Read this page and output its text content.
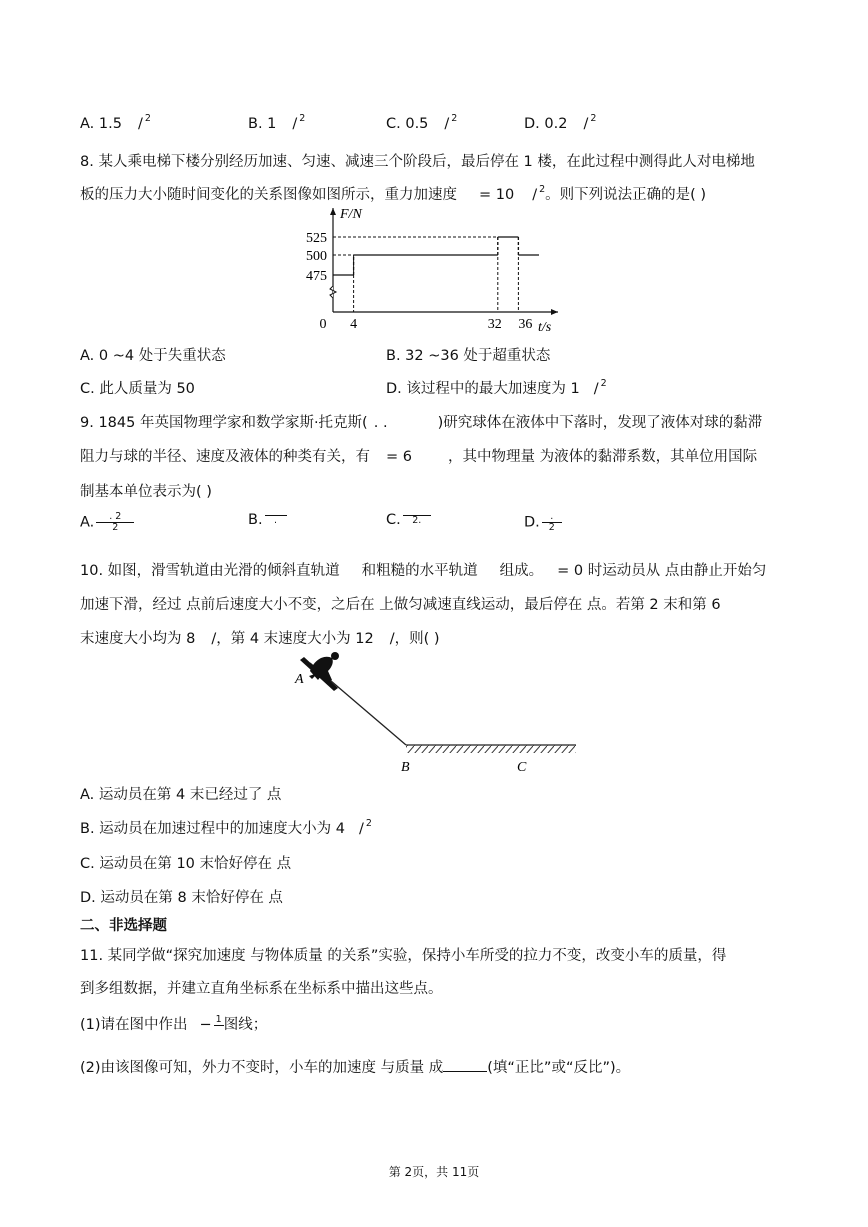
A. 1.5 / $^2$	B. 1 / $^2$	C. 0.5 / $^2$	D. 0.2 / $^2$
8. 某人乘电梯下楼分别经历加速、匀速、减速三个阶段后，最后停在 1 楼，在此过程中测得此人对电梯地
板的压力大小随时间变化的关系图像如图所示，重力加速度 = 10 / $^2$。则下列说法正确的是( )
525
500
475
0 4	32 36
F/N
t/s
A. 0 ~4 处于失重状态	B. 32 ~36 处于超重状态
C. 此人质量为 50	D. 该过程中的最大加速度为 1 / $^2$
9. 1845 年英国物理学家和数学家斯·托克斯( . .	)研究球体在液体中下落时，发现了液体对球的黏滞
阻力与球的半径、速度及液体的种类有关，有 = 6 ，其中物理量 为液体的黏滞系数，其单位用国际
制基本单位表示为( )
A. $\frac{. 2}{2}$	B.	.	C.	2.	D. $\frac{.}{2}$
10. 如图，滑雪轨道由光滑的倾斜直轨道 和粗糙的水平轨道 组成。 = 0 时运动员从 点由静止开始匀
加速下滑，经过 点前后速度大小不变，之后在 上做匀减速直线运动，最后停在 点。若第 2 末和第 6
末速度大小均为 8 /，第 4 末速度大小为 12 /，则( )
A
B	C
A. 运动员在第 4 末已经过了 点
B. 运动员在加速过程中的加速度大小为 4 / $^2$
C. 运动员在第 10 末恰好停在 点
D. 运动员在第 8 末恰好停在 点
二、非选择题
11. 某同学做“探究加速度 与物体质量 的关系”实验，保持小车所受的拉力不变，改变小车的质量，得
到多组数据，并建立直角坐标系在坐标系中描出这些点。
(1)请在图中作出 − 1 图线；
(2)由该图像可知，外力不变时，小车的加速度 与质量 成	(填“正比”或“反比”)。
第 2页，共 11页
